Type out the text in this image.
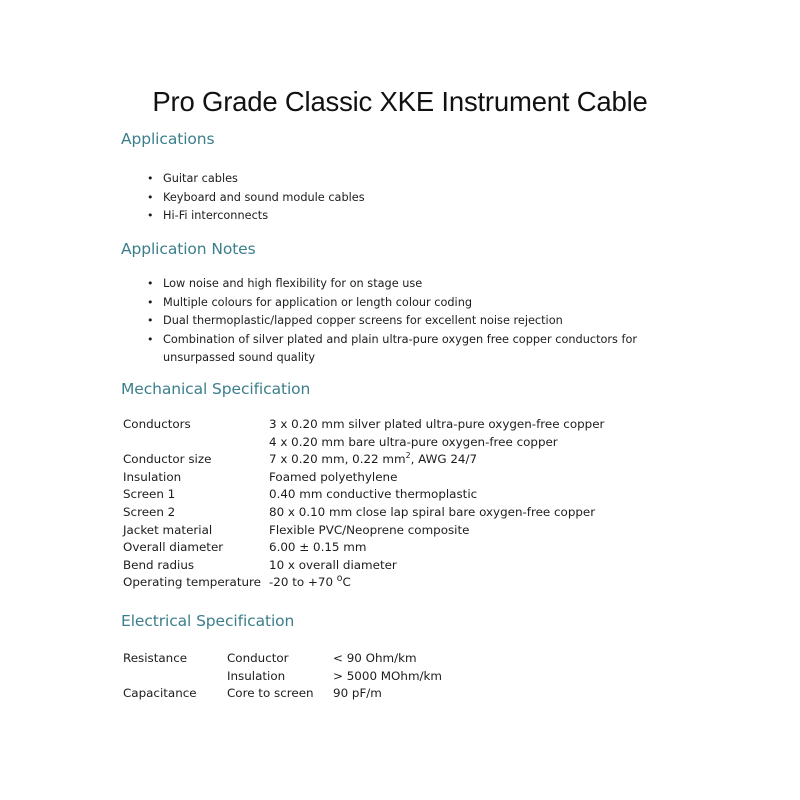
Pro Grade Classic XKE Instrument Cable
Applications
• Guitar cables
• Keyboard and sound module cables
• Hi-Fi interconnects
Application Notes
• Low noise and high flexibility for on stage use
• Multiple colours for application or length colour coding
• Dual thermoplastic/lapped copper screens for excellent noise rejection
• Combination of silver plated and plain ultra-pure oxygen free copper conductors for unsurpassed sound quality
Mechanical Specification
Conductors	3 x 0.20 mm silver plated ultra-pure oxygen-free copper
	4 x 0.20 mm bare ultra-pure oxygen-free copper
Conductor size	7 x 0.20 mm, 0.22 $mm^2$, AWG 24/7
Insulation	Foamed polyethylene
Screen 1	0.40 mm conductive thermoplastic
Screen 2	80 x 0.10 mm close lap spiral bare oxygen-free copper
Jacket material	Flexible PVC/Neoprene composite
Overall diameter	6.00 ± 0.15 mm
Bend radius	10 x overall diameter
Operating temperature	-20 to +70 $^o$C
Electrical Specification
Resistance	Conductor	< 90 Ohm/km
	Insulation	> 5000 MOhm/km
Capacitance	Core to screen	90 pF/m
